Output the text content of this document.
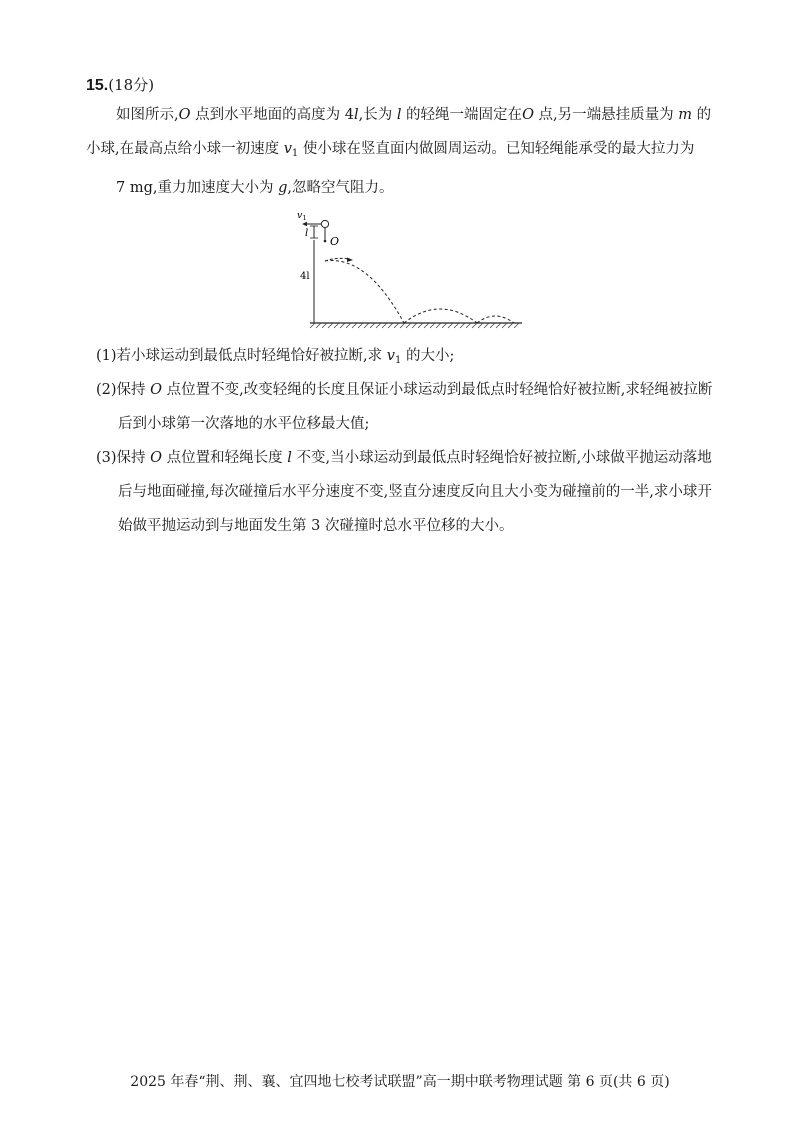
15.(18分)
如图所示,O 点到水平地面的高度为 4l,长为 l 的轻绳一端固定在O 点,另一端悬挂质量为 m 的
小球,在最高点给小球一初速度 $v_1$ 使小球在竖直面内做圆周运动。已知轻绳能承受的最大拉力为
7 mg,重力加速度大小为 g,忽略空气阻力。
v 1
l
O
4l
(1)若小球运动到最低点时轻绳恰好被拉断,求 $v_1$ 的大小;
(2)保持 O 点位置不变,改变轻绳的长度且保证小球运动到最低点时轻绳恰好被拉断,求轻绳被拉断
后到小球第一次落地的水平位移最大值;
(3)保持 O 点位置和轻绳长度 l 不变,当小球运动到最低点时轻绳恰好被拉断,小球做平抛运动落地
后与地面碰撞,每次碰撞后水平分速度不变,竖直分速度反向且大小变为碰撞前的一半,求小球开
始做平抛运动到与地面发生第 3 次碰撞时总水平位移的大小。
2025 年春“荆、荆、襄、宜四地七校考试联盟”高一期中联考物理试题 第 6 页(共 6 页)
